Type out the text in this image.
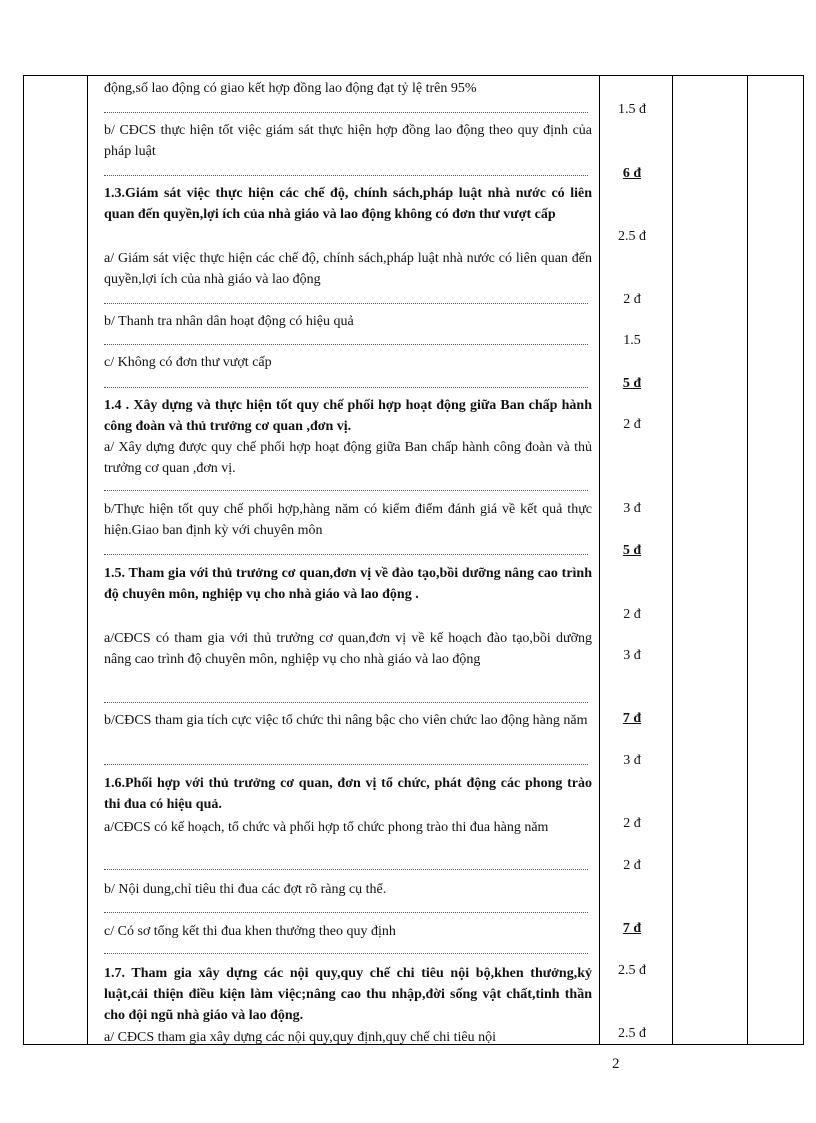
động,số lao động có giao kết hợp đồng lao động đạt tỷ lệ trên 95%
b/ CĐCS thực hiện tốt việc giám sát thực hiện hợp đồng lao động theo quy định của pháp luật
1.3.Giám sát việc thực hiện các chế độ, chính sách,pháp luật nhà nước có liên quan đến quyền,lợi ích của nhà giáo và lao động không có đơn thư vượt cấp
a/ Giám sát việc thực hiện các chế độ, chính sách,pháp luật nhà nước có liên quan đến quyền,lợi ích của nhà giáo và lao động
b/ Thanh tra nhân dân hoạt động có hiệu quả
c/ Không có đơn thư vượt cấp
1.4 . Xây dựng và thực hiện tốt quy chế phối hợp hoạt động giữa Ban chấp hành công đoàn và thủ trưởng cơ quan ,đơn vị.
a/ Xây dựng được quy chế phối hợp hoạt động giữa Ban chấp hành công đoàn và thủ trưởng cơ quan ,đơn vị.
b/Thực hiện tốt quy chế phối hợp,hàng năm có kiểm điểm đánh giá về kết quả thực hiện.Giao ban định kỳ với chuyên môn
1.5. Tham gia với thủ trưởng cơ quan,đơn vị về đào tạo,bồi dưỡng nâng cao trình độ chuyên môn, nghiệp vụ cho nhà giáo và lao động .
a/CĐCS có tham gia với thủ trưởng cơ quan,đơn vị về kế hoạch đào tạo,bồi dưỡng nâng cao trình độ chuyên môn, nghiệp vụ cho nhà giáo và lao động
b/CĐCS tham gia tích cực việc tổ chức thi nâng bậc cho viên chức lao động hàng năm
1.6.Phối hợp với thủ trưởng cơ quan, đơn vị tổ chức, phát động các phong trào thi đua có hiệu quả.
a/CĐCS có kế hoạch, tổ chức và phối hợp tổ chức phong trào thi đua hàng năm
b/ Nội dung,chỉ tiêu thi đua các đợt rõ ràng cụ thể.
c/ Có sơ tổng kết thi đua khen thưởng theo quy định
1.7. Tham gia xây dựng các nội quy,quy chế chi tiêu nội bộ,khen thưởng,kỷ luật,cải thiện điều kiện làm việc;nâng cao thu nhập,đời sống vật chất,tinh thần cho đội ngũ nhà giáo và lao động.
a/ CĐCS tham gia xây dựng các nội quy,quy định,quy chế chi tiêu nội
1.5 đ
6 đ
2.5 đ
2 đ
1.5
5 đ
2 đ
3 đ
5 đ
2 đ
3 đ
7 đ
3 đ
2 đ
2 đ
7 đ
2.5 đ
2.5 đ
2
